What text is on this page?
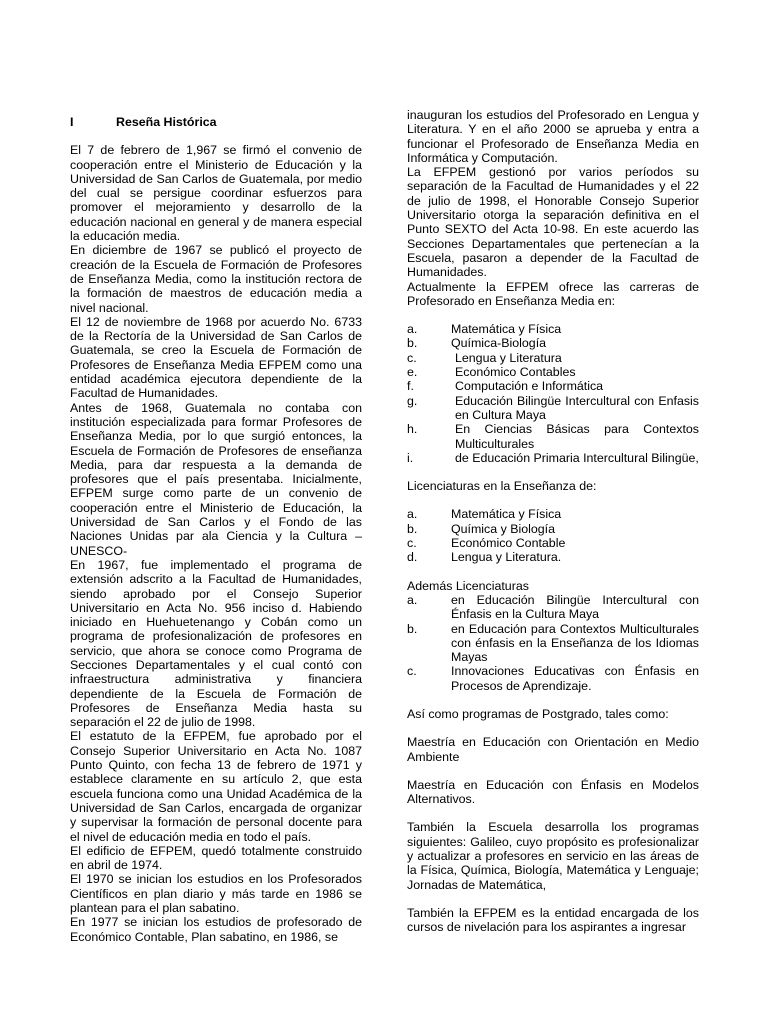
I	Reseña Histórica

El 7 de febrero de 1,967 se firmó el convenio de cooperación entre el Ministerio de Educación y la Universidad de San Carlos de Guatemala, por medio del cual se persigue coordinar esfuerzos para promover el mejoramiento y desarrollo de la educación nacional en general y de manera especial la educación media.

En diciembre de 1967 se publicó el proyecto de creación de la Escuela de Formación de Profesores de Enseñanza Media, como la institución rectora de la formación de maestros de educación media a nivel nacional.

El 12 de noviembre de 1968 por acuerdo No. 6733 de la Rectoría de la Universidad de San Carlos de Guatemala, se creo la Escuela de Formación de Profesores de Enseñanza Media EFPEM como una entidad académica ejecutora dependiente de la Facultad de Humanidades.

Antes de 1968, Guatemala no contaba con institución especializada para formar Profesores de Enseñanza Media, por lo que surgió entonces, la Escuela de Formación de Profesores de enseñanza Media, para dar respuesta a la demanda de profesores que el país presentaba. Inicialmente, EFPEM surge como parte de un convenio de cooperación entre el Ministerio de Educación, la Universidad de San Carlos y el Fondo de las Naciones Unidas par ala Ciencia y la Cultura – UNESCO-

En 1967, fue implementado el programa de extensión adscrito a la Facultad de Humanidades, siendo aprobado por el Consejo Superior Universitario en Acta No. 956 inciso d. Habiendo iniciado en Huehuetenango y Cobán como un programa de profesionalización de profesores en servicio, que ahora se conoce como Programa de Secciones Departamentales y el cual contó con infraestructura administrativa y financiera dependiente de la Escuela de Formación de Profesores de Enseñanza Media hasta su separación el 22 de julio de 1998.

El estatuto de la EFPEM, fue aprobado por el Consejo Superior Universitario en Acta No. 1087 Punto Quinto, con fecha 13 de febrero de 1971 y establece claramente en su artículo 2, que esta escuela funciona como una Unidad Académica de la Universidad de San Carlos, encargada de organizar y supervisar la formación de personal docente para el nivel de educación media en todo el país.

El edificio de EFPEM, quedó totalmente construido en abril de 1974.

El 1970 se inician los estudios en los Profesorados Científicos en plan diario y más tarde en 1986 se plantean para el plan sabatino.

En 1977 se inician los estudios de profesorado de Económico Contable, Plan sabatino, en 1986, se

inauguran los estudios del Profesorado en Lengua y Literatura. Y en el año 2000 se aprueba y entra a funcionar el Profesorado de Enseñanza Media en Informática y Computación.

La EFPEM gestionó por varios períodos su separación de la Facultad de Humanidades y el 22 de julio de 1998, el Honorable Consejo Superior Universitario otorga la separación definitiva en el Punto SEXTO del Acta 10-98. En este acuerdo las Secciones Departamentales que pertenecían a la Escuela, pasaron a depender de la Facultad de Humanidades.

Actualmente la EFPEM ofrece las carreras de Profesorado en Enseñanza Media en:

a.	Matemática y Física
b.	Química-Biología
c.	Lengua y Literatura
e.	Económico Contables
f.	Computación e Informática
g.	Educación Bilingüe Intercultural con Enfasis en Cultura Maya
h.	En Ciencias Básicas para Contextos Multiculturales
i.	de Educación Primaria Intercultural Bilingüe,

Licenciaturas en la Enseñanza de:

a.	Matemática y Física
b.	Química y Biología
c.	Económico Contable
d.	Lengua y Literatura.

Además Licenciaturas

a.	en Educación Bilingüe Intercultural con Énfasis en la Cultura Maya
b.	en Educación para Contextos Multiculturales con énfasis en la Enseñanza de los Idiomas Mayas
c.	Innovaciones Educativas con Énfasis en Procesos de Aprendizaje.

Así como programas de Postgrado, tales como:

Maestría en Educación con Orientación en Medio Ambiente

Maestría en Educación con Énfasis en Modelos Alternativos.

También la Escuela desarrolla los programas siguientes: Galileo, cuyo propósito es profesionalizar y actualizar a profesores en servicio en las áreas de la Física, Química, Biología, Matemática y Lenguaje; Jornadas de Matemática,

También la EFPEM es la entidad encargada de los cursos de nivelación para los aspirantes a ingresar
